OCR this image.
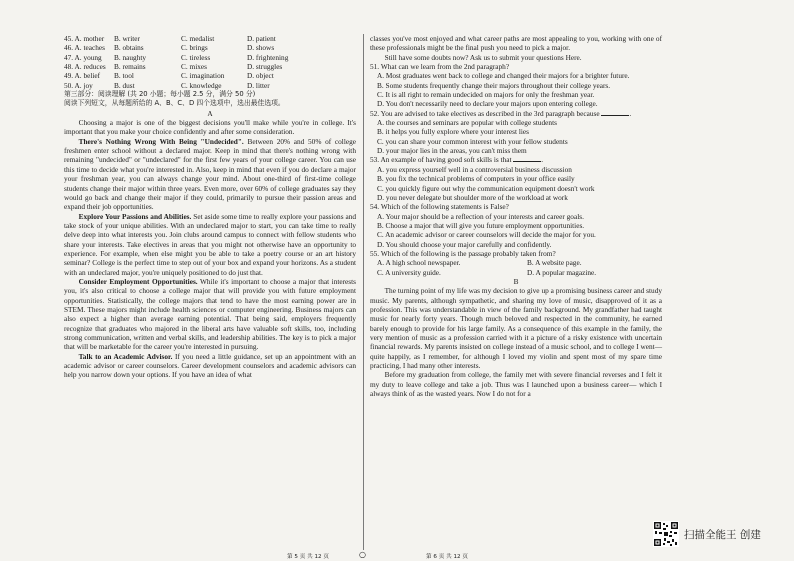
45. A. mother	B. writer	C. medalist	D. patient
46. A. teaches	B. obtains	C. brings	D. shows
47. A. young	B. naughty	C. tireless	D. frightening
48. A. reduces	B. remains	C. mixes	D. struggles
49. A. belief	B. tool	C. imagination	D. object
50. A. joy	B. dust	C. knowledge	D. litter

第三部分：阅读理解 (共 20 小题；每小题 2.5 分，满分 50 分)

阅读下列短文，从每题所给的 A、B、C、D 四个选项中，选出最佳选项。

A

Choosing a major is one of the biggest decisions you'll make while you're in college. It's important that you make your choice confidently and after some consideration.

There's Nothing Wrong With Being "Undecided". Between 20% and 50% of college freshmen enter school without a declared major. Keep in mind that there's nothing wrong with remaining "undecided" or "undeclared" for the first few years of your college career. You can use this time to decide what you're interested in. Also, keep in mind that even if you do declare a major your freshman year, you can always change your mind. About one-third of first-time college students change their major within three years. Even more, over 60% of college graduates say they would go back and change their major if they could, primarily to pursue their passion areas and expand their job opportunities.

Explore Your Passions and Abilities. Set aside some time to really explore your passions and take stock of your unique abilities. With an undeclared major to start, you can take time to really delve deep into what interests you. Join clubs around campus to connect with fellow students who share your interests. Take electives in areas that you might not otherwise have an opportunity to experience. For example, when else might you be able to take a poetry course or an art history seminar? College is the perfect time to step out of your box and expand your horizons. As a student with an undeclared major, you're uniquely positioned to do just that.

Consider Employment Opportunities. While it's important to choose a major that interests you, it's also critical to choose a college major that will provide you with future employment opportunities. Statistically, the college majors that tend to have the most earning power are in STEM. These majors might include health sciences or computer engineering. Business majors can also expect a higher than average earning potential. That being said, employers frequently recognize that graduates who majored in the liberal arts have valuable soft skills, too, including strong communication, written and verbal skills, and leadership abilities. The key is to pick a major that will be marketable for the career you're interested in pursuing.

Talk to an Academic Advisor. If you need a little guidance, set up an appointment with an academic advisor or career counselors. Career development counselors and academic advisors can help you narrow down your options. If you have an idea of what

classes you've most enjoyed and what career paths are most appealing to you, working with one of these professionals might be the final push you need to pick a major.

Still have some doubts now? Ask us to submit your questions Here.

51. What can we learn from the 2nd paragraph?

A. Most graduates went back to college and changed their majors for a brighter future.

B. Some students frequently change their majors throughout their college years.

C. It is all right to remain undecided on majors for only the freshman year.

D. You don't necessarily need to declare your majors upon entering college.

52. You are advised to take electives as described in the 3rd paragraph because	.

A. the courses and seminars are popular with college students

B. it helps you fully explore where your interest lies

C. you can share your common interest with your fellow students

D. your major lies in the areas, you can't miss them

53. An example of having good soft skills is that	.

A. you express yourself well in a controversial business discussion

B. you fix the technical problems of computers in your office easily

C. you quickly figure out why the communication equipment doesn't work

D. you never delegate but shoulder more of the workload at work

54. Which of the following statements is False?

A. Your major should be a reflection of your interests and career goals.

B. Choose a major that will give you future employment opportunities.

C. An academic advisor or career counselors will decide the major for you.

D. You should choose your major carefully and confidently.

55. Which of the following is the passage probably taken from?

A. A high school newspaper.	B. A website page.
C. A university guide.	D. A popular magazine.

B

The turning point of my life was my decision to give up a promising business career and study music. My parents, although sympathetic, and sharing my love of music, disapproved of it as a profession. This was understandable in view of the family background. My grandfather had taught music for nearly forty years. Though much beloved and respected in the community, he earned barely enough to provide for his large family. As a consequence of this example in the family, the very mention of music as a profession carried with it a picture of a risky existence with uncertain financial rewards. My parents insisted on college instead of a music school, and to college I went—quite happily, as I remember, for although I loved my violin and spent most of my spare time practicing, I had many other interests.

Before my graduation from college, the family met with severe financial reverses and I felt it my duty to leave college and take a job. Thus was I launched upon a business career— which I always think of as the wasted years. Now I do not for a

第 5 页 共 12 页	○	第 6 页 共 12 页
扫描全能王 创建
